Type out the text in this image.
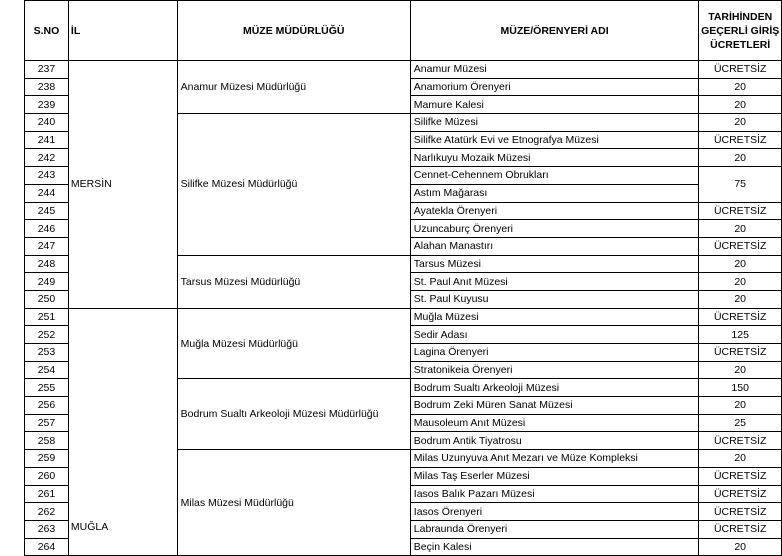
S.NO	İL	MÜZE MÜDÜRLÜĞÜ	MÜZE/ÖRENYERİ ADI	TARİHİNDEN
GEÇERLİ GİRİŞ
ÜCRETLERİ

237	MERSİN	Anamur Müzesi Müdürlüğü	Anamur Müzesi	ÜCRETSİZ
238			Anamorium Örenyeri	20
239			Mamure Kalesi	20
240		Silifke Müzesi Müdürlüğü	Silifke Müzesi	20
241			Silifke Atatürk Evi ve Etnografya Müzesi	ÜCRETSİZ
242			Narlıkuyu Mozaik Müzesi	20
243			Cennet-Cehennem Obrukları	75
244			Astım Mağarası	
245			Ayatekla Örenyeri	ÜCRETSİZ
246			Uzuncaburç Örenyeri	20
247			Alahan Manastırı	ÜCRETSİZ
248		Tarsus Müzesi Müdürlüğü	Tarsus Müzesi	20
249			St. Paul Anıt Müzesi	20
250			St. Paul Kuyusu	20
251	MUĞLA	Muğla Müzesi Müdürlüğü	Muğla Müzesi	ÜCRETSİZ
252			Sedir Adası	125
253			Lagina Örenyeri	ÜCRETSİZ
254			Stratonikeia Örenyeri	20
255		Bodrum Sualtı Arkeoloji Müzesi Müdürlüğü	Bodrum Sualtı Arkeoloji Müzesi	150
256			Bodrum Zeki Müren Sanat Müzesi	20
257			Mausoleum Anıt Müzesi	25
258			Bodrum Antik Tiyatrosu	ÜCRETSİZ
259		Milas Müzesi Müdürlüğü	Milas Uzunyuva Anıt Mezarı ve Müze Kompleksi	20
260			Milas Taş Eserler Müzesi	ÜCRETSİZ
261			Iasos Balık Pazarı Müzesi	ÜCRETSİZ
262			Iasos Örenyeri	ÜCRETSİZ
263			Labraunda Örenyeri	ÜCRETSİZ
264			Beçin Kalesi	20
